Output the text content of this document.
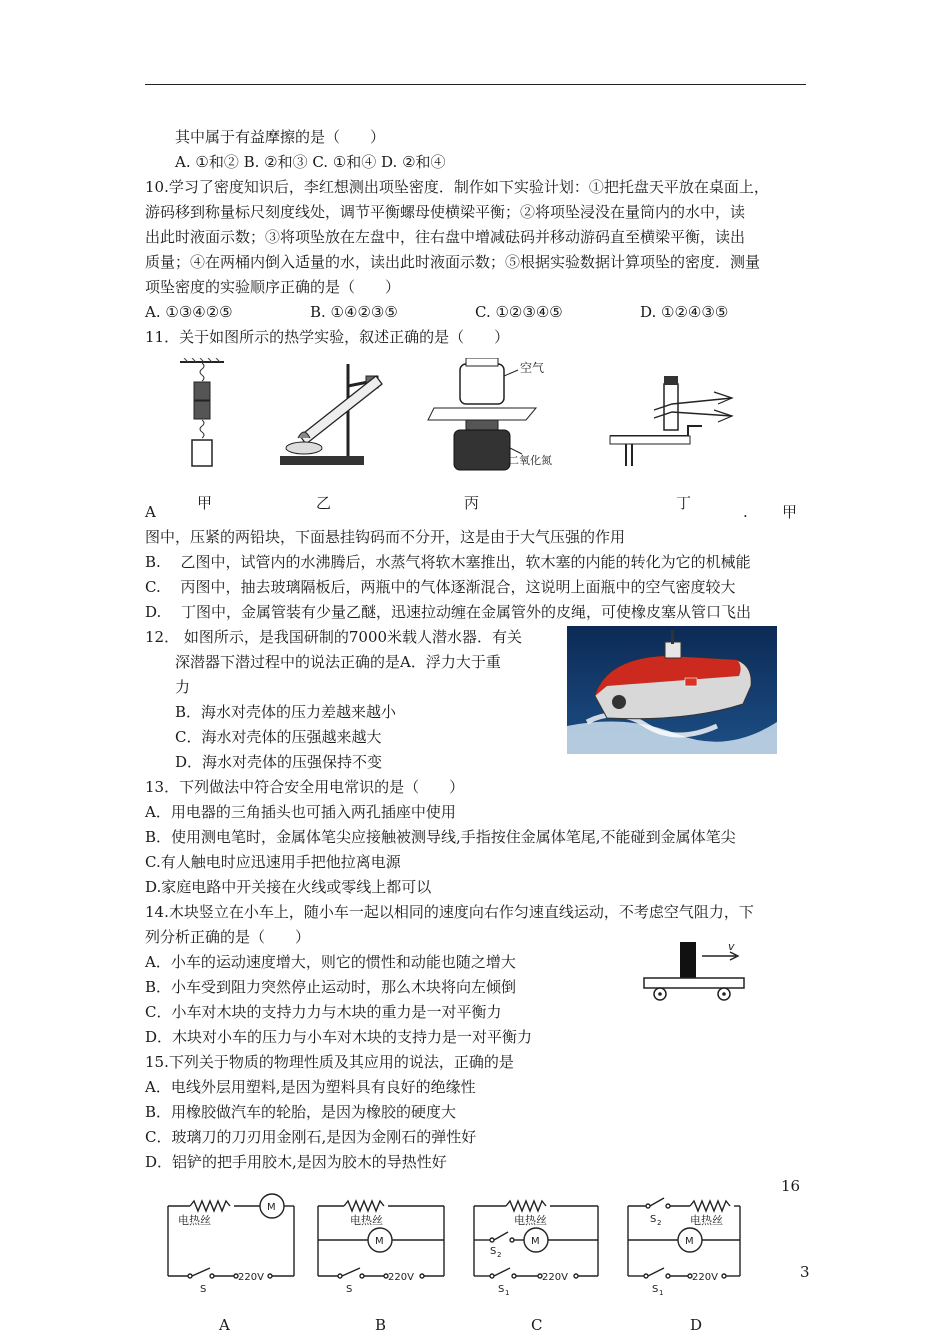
其中属于有益摩擦的是（　　）
A. ①和② B. ②和③ C. ①和④ D. ②和④
10.学习了密度知识后，李红想测出项坠密度．制作如下实验计划：①把托盘天平放在桌面上，
游码移到称量标尺刻度线处，调节平衡螺母使横梁平衡；②将项坠浸没在量筒内的水中，读
出此时液面示数；③将项坠放在左盘中，往右盘中增减砝码并移动游码直至横梁平衡，读出
质量；④在两桶内倒入适量的水，读出此时液面示数；⑤根据实验数据计算项坠的密度．测量
项坠密度的实验顺序正确的是（　　）
A. ①③④②⑤	B. ①④②③⑤	C. ①②③④⑤	D. ①②④③⑤
11．关于如图所示的热学实验，叙述正确的是（　　）
空气
二氧化氮
甲	乙	丙	丁
A	. 甲
图中，压紧的两铅块，下面悬挂钩码而不分开，这是由于大气压强的作用
B.　 乙图中，试管内的水沸腾后，水蒸气将软木塞推出，软木塞的内能的转化为它的机械能
C.　 丙图中，抽去玻璃隔板后，两瓶中的气体逐渐混合，这说明上面瓶中的空气密度较大
D.　 丁图中，金属管装有少量乙醚，迅速拉动缠在金属管外的皮绳，可使橡皮塞从管口飞出
12． 如图所示，是我国研制的7000米载人潜水器．有关
深潜器下潜过程中的说法正确的是A．浮力大于重
力
B．海水对壳体的压力差越来越小
C．海水对壳体的压强越来越大
D．海水对壳体的压强保持不变
13．下列做法中符合安全用电常识的是（　　）
A．用电器的三角插头也可插入两孔插座中使用
B．使用测电笔时，金属体笔尖应接触被测导线,手指按住金属体笔尾,不能碰到金属体笔尖
C.有人触电时应迅速用手把他拉离电源
D.家庭电路中开关接在火线或零线上都可以
14.木块竖立在小车上，随小车一起以相同的速度向右作匀速直线运动，不考虑空气阻力，下
列分析正确的是（　　）
A．小车的运动速度增大，则它的惯性和动能也随之增大
B．小车受到阻力突然停止运动时，那么木块将向左倾倒
C．小车对木块的支持力力与木块的重力是一对平衡力
D．木块对小车的压力与小车对木块的支持力是一对平衡力
v
15.下列关于物质的物理性质及其应用的说法，正确的是
A．电线外层用塑料,是因为塑料具有良好的绝缘性
B．用橡胶做汽车的轮胎，是因为橡胶的硬度大
C．玻璃刀的刀刃用金刚石,是因为金刚石的弹性好
D．铝铲的把手用胶木,是因为胶木的导热性好
16
3
电热丝
M
S
220V
电热丝
M
S
220V
电热丝
M
S 2
S 1
220V
电热丝
M
S 2
S 1
220V
A	B	C	D
